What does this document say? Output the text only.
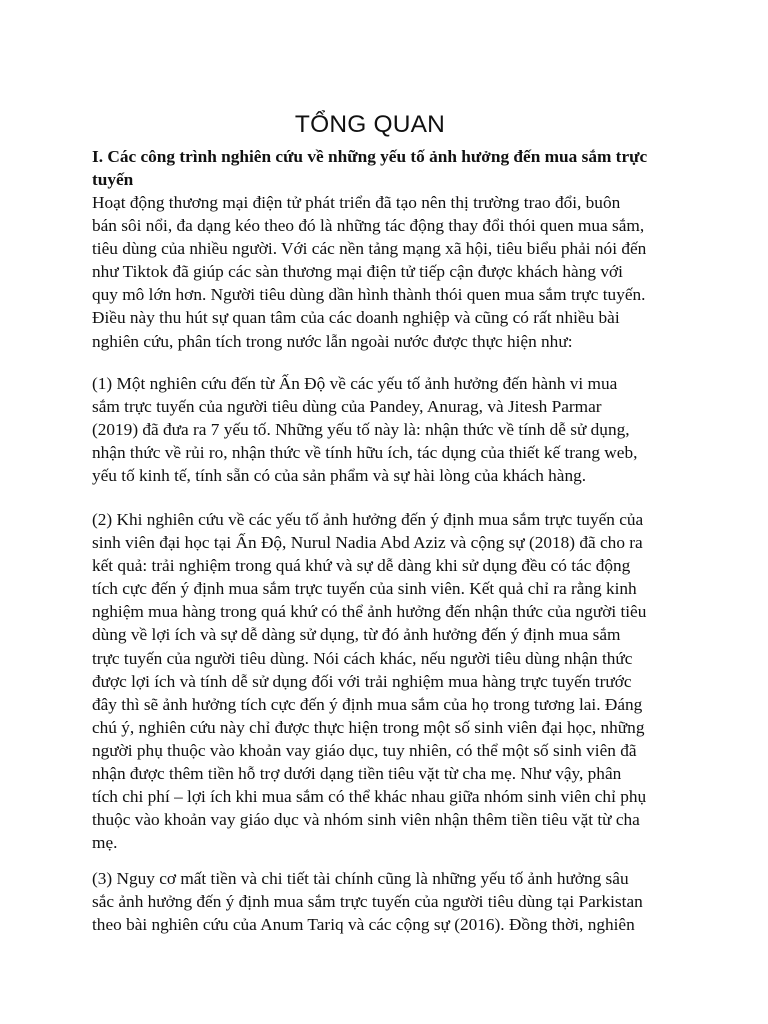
TỔNG QUAN
I. Các công trình nghiên cứu về những yếu tố ảnh hưởng đến mua sắm trực
tuyến
Hoạt động thương mại điện tử phát triển đã tạo nên thị trường trao đổi, buôn
bán sôi nổi, đa dạng kéo theo đó là những tác động thay đổi thói quen mua sắm,
tiêu dùng của nhiều người. Với các nền tảng mạng xã hội, tiêu biểu phải nói đến
như Tiktok đã giúp các sàn thương mại điện tử tiếp cận được khách hàng với
quy mô lớn hơn. Người tiêu dùng dần hình thành thói quen mua sắm trực tuyến.
Điều này thu hút sự quan tâm của các doanh nghiệp và cũng có rất nhiều bài
nghiên cứu, phân tích trong nước lẫn ngoài nước được thực hiện như:
(1) Một nghiên cứu đến từ Ấn Độ về các yếu tố ảnh hưởng đến hành vi mua
sắm trực tuyến của người tiêu dùng của Pandey, Anurag, và Jitesh Parmar
(2019) đã đưa ra 7 yếu tố. Những yếu tố này là: nhận thức về tính dễ sử dụng,
nhận thức về rủi ro, nhận thức về tính hữu ích, tác dụng của thiết kế trang web,
yếu tố kinh tế, tính sẵn có của sản phẩm và sự hài lòng của khách hàng.
(2) Khi nghiên cứu về các yếu tố ảnh hưởng đến ý định mua sắm trực tuyến của
sinh viên đại học tại Ấn Độ, Nurul Nadia Abd Aziz và cộng sự (2018) đã cho ra
kết quả: trải nghiệm trong quá khứ và sự dễ dàng khi sử dụng đều có tác động
tích cực đến ý định mua sắm trực tuyến của sinh viên. Kết quả chỉ ra rằng kinh
nghiệm mua hàng trong quá khứ có thể ảnh hưởng đến nhận thức của người tiêu
dùng về lợi ích và sự dễ dàng sử dụng, từ đó ảnh hưởng đến ý định mua sắm
trực tuyến của người tiêu dùng. Nói cách khác, nếu người tiêu dùng nhận thức
được lợi ích và tính dễ sử dụng đối với trải nghiệm mua hàng trực tuyến trước
đây thì sẽ ảnh hưởng tích cực đến ý định mua sắm của họ trong tương lai. Đáng
chú ý, nghiên cứu này chỉ được thực hiện trong một số sinh viên đại học, những
người phụ thuộc vào khoản vay giáo dục, tuy nhiên, có thể một số sinh viên đã
nhận được thêm tiền hỗ trợ dưới dạng tiền tiêu vặt từ cha mẹ. Như vậy, phân
tích chi phí – lợi ích khi mua sắm có thể khác nhau giữa nhóm sinh viên chỉ phụ
thuộc vào khoản vay giáo dục và nhóm sinh viên nhận thêm tiền tiêu vặt từ cha
mẹ.
(3) Nguy cơ mất tiền và chi tiết tài chính cũng là những yếu tố ảnh hưởng sâu
sắc ảnh hưởng đến ý định mua sắm trực tuyến của người tiêu dùng tại Parkistan
theo bài nghiên cứu của Anum Tariq và các cộng sự (2016). Đồng thời, nghiên
